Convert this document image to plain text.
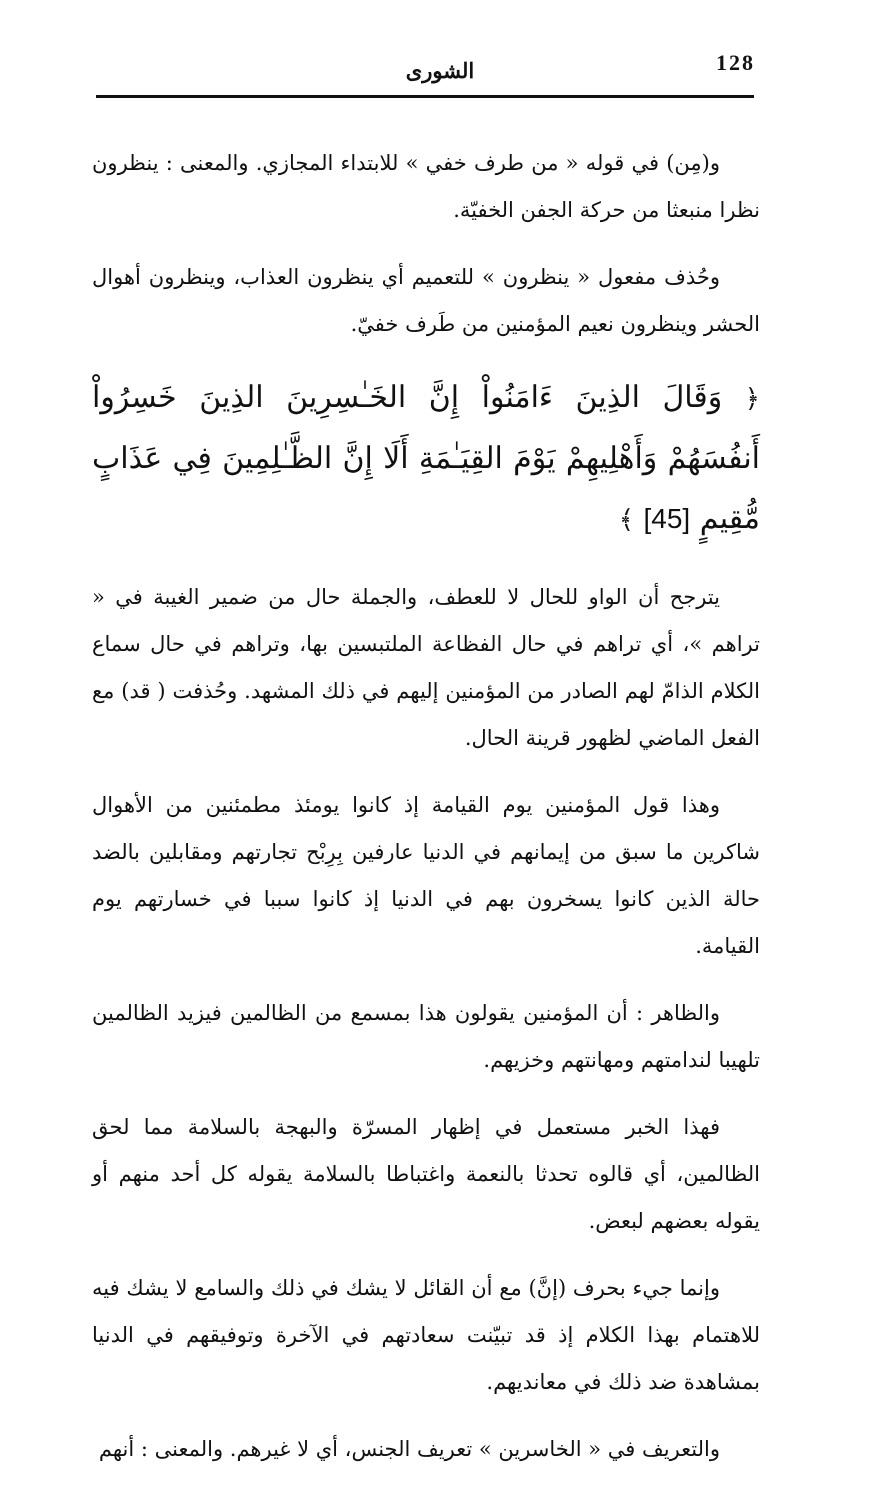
128
الشورى

و(مِن) في قوله « من طرف خفي » للابتداء المجازي. والمعنى : ينظرون نظرا منبعثا من حركة الجفن الخفيّة.

وحُذف مفعول « ينظرون » للتعميم أي ينظرون العذاب، وينظرون أهوال الحشر وينظرون نعيم المؤمنين من طَرف خفيّ.

﴿ وَقَالَ الذِينَ ءَامَنُواْ إِنَّ الخَـٰسِرِينَ الذِينَ خَسِرُواْ أَنفُسَهُمْ وَأَهْلِيهِمْ يَوْمَ القِيَـٰمَةِ أَلَا إِنَّ الظَّـٰلِمِينَ فِي عَذَابٍ مُّقِيمٍ [45] ﴾

يترجح أن الواو للحال لا للعطف، والجملة حال من ضمير الغيبة في « تراهم »، أي تراهم في حال الفظاعة الملتبسين بها، وتراهم في حال سماع الكلام الذامّ لهم الصادر من المؤمنين إليهم في ذلك المشهد. وحُذفت ( قد) مع الفعل الماضي لظهور قرينة الحال.

وهذا قول المؤمنين يوم القيامة إذ كانوا يومئذ مطمئنين من الأهوال شاكرين ما سبق من إيمانهم في الدنيا عارفين بِرِبْح تجارتهم ومقابلين بالضد حالة الذين كانوا يسخرون بهم في الدنيا إذ كانوا سببا في خسارتهم يوم القيامة.

والظاهر : أن المؤمنين يقولون هذا بمسمع من الظالمين فيزيد الظالمين تلهيبا لندامتهم ومهانتهم وخزيهم.

فهذا الخبر مستعمل في إظهار المسرّة والبهجة بالسلامة مما لحق الظالمين، أي قالوه تحدثا بالنعمة واغتباطا بالسلامة يقوله كل أحد منهم أو يقوله بعضهم لبعض.

وإنما جيء بحرف (إنَّ) مع أن القائل لا يشك في ذلك والسامع لا يشك فيه للاهتمام بهذا الكلام إذ قد تبيّنت سعادتهم في الآخرة وتوفيقهم في الدنيا بمشاهدة ضد ذلك في معانديهم.

والتعريف في « الخاسرين » تعريف الجنس، أي لا غيرهم. والمعنى : أنهم
